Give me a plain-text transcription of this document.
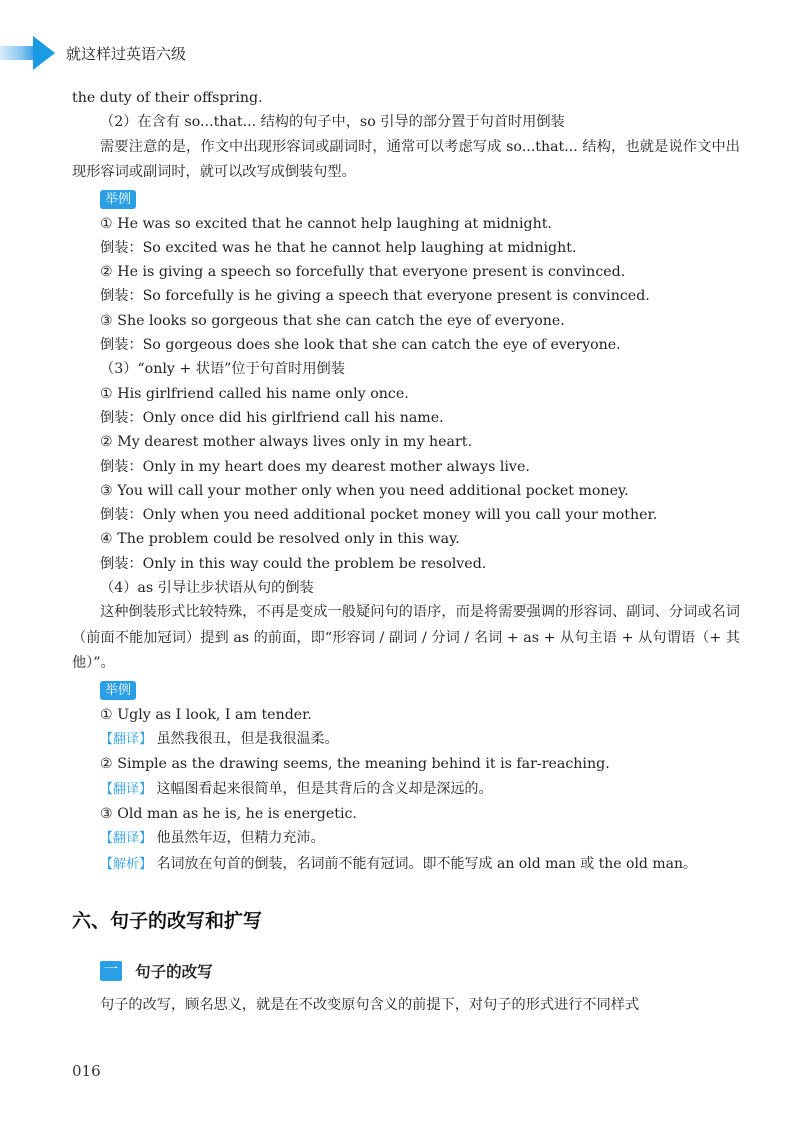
就这样过英语六级

the duty of their offspring.

（2）在含有 so...that... 结构的句子中，so 引导的部分置于句首时用倒装

需要注意的是，作文中出现形容词或副词时，通常可以考虑写成 so...that... 结构，也就是说作文中出现形容词或副词时，就可以改写成倒装句型。

举例

① He was so excited that he cannot help laughing at midnight.

倒装：So excited was he that he cannot help laughing at midnight.

② He is giving a speech so forcefully that everyone present is convinced.

倒装：So forcefully is he giving a speech that everyone present is convinced.

③ She looks so gorgeous that she can catch the eye of everyone.

倒装：So gorgeous does she look that she can catch the eye of everyone.

（3）“only + 状语”位于句首时用倒装

① His girlfriend called his name only once.

倒装：Only once did his girlfriend call his name.

② My dearest mother always lives only in my heart.

倒装：Only in my heart does my dearest mother always live.

③ You will call your mother only when you need additional pocket money.

倒装：Only when you need additional pocket money will you call your mother.

④ The problem could be resolved only in this way.

倒装：Only in this way could the problem be resolved.

（4）as 引导让步状语从句的倒装

这种倒装形式比较特殊，不再是变成一般疑问句的语序，而是将需要强调的形容词、副词、分词或名词（前面不能加冠词）提到 as 的前面，即“形容词 / 副词 / 分词 / 名词 + as + 从句主语 + 从句谓语（+ 其他）”。

举例

① Ugly as I look, I am tender.

【翻译】 虽然我很丑，但是我很温柔。

② Simple as the drawing seems, the meaning behind it is far-reaching.

【翻译】 这幅图看起来很简单，但是其背后的含义却是深远的。

③ Old man as he is, he is energetic.

【翻译】 他虽然年迈，但精力充沛。

【解析】 名词放在句首的倒装，名词前不能有冠词。即不能写成 an old man 或 the old man。

六、句子的改写和扩写
一 句子的改写
句子的改写，顾名思义，就是在不改变原句含义的前提下，对句子的形式进行不同样式
016
